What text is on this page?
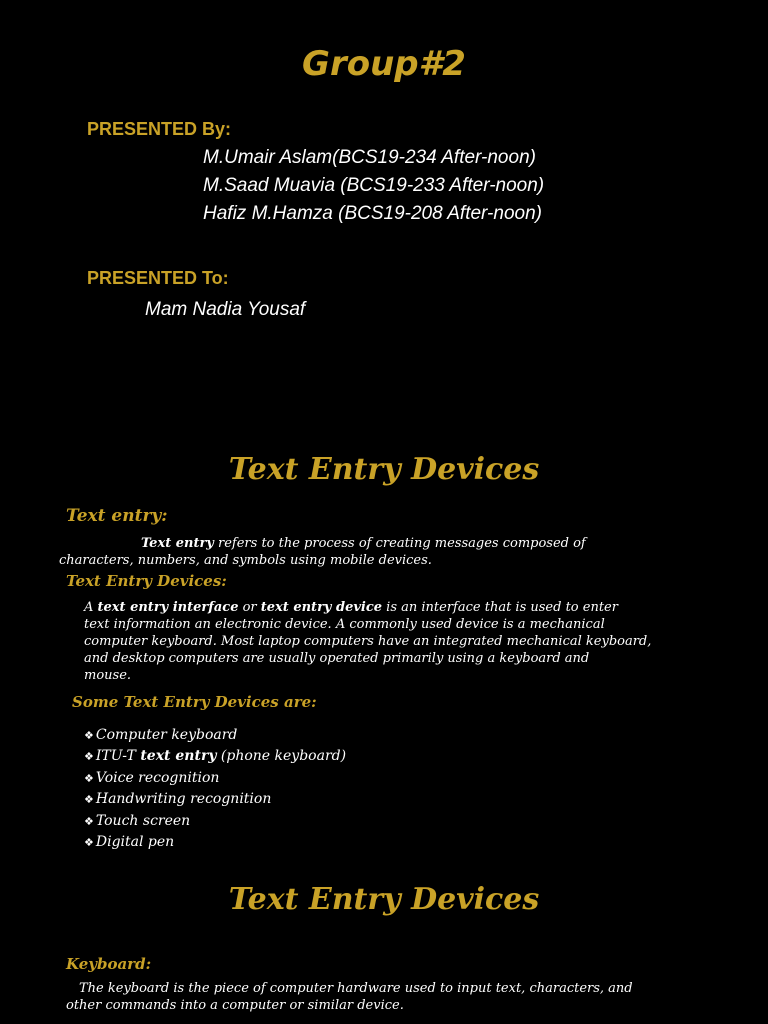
Group#2
PRESENTED By:
M.Umair Aslam(BCS19-234 After-noon)
M.Saad Muavia (BCS19-233 After-noon)
Hafiz M.Hamza (BCS19-208 After-noon)
PRESENTED To:
Mam Nadia Yousaf
Text Entry Devices
Text entry:
Text entry refers to the process of creating messages composed of
characters, numbers, and symbols using mobile devices.
Text Entry Devices:
A text entry interface or text entry device is an interface that is used to enter
text information an electronic device. A commonly used device is a mechanical
computer keyboard. Most laptop computers have an integrated mechanical keyboard,
and desktop computers are usually operated primarily using a keyboard and
mouse.
Some Text Entry Devices are:
❖ Computer keyboard
❖ ITU-T text entry (phone keyboard)
❖ Voice recognition
❖ Handwriting recognition
❖ Touch screen
❖ Digital pen
Text Entry Devices
Keyboard:
The keyboard is the piece of computer hardware used to input text, characters, and
other commands into a computer or similar device.
